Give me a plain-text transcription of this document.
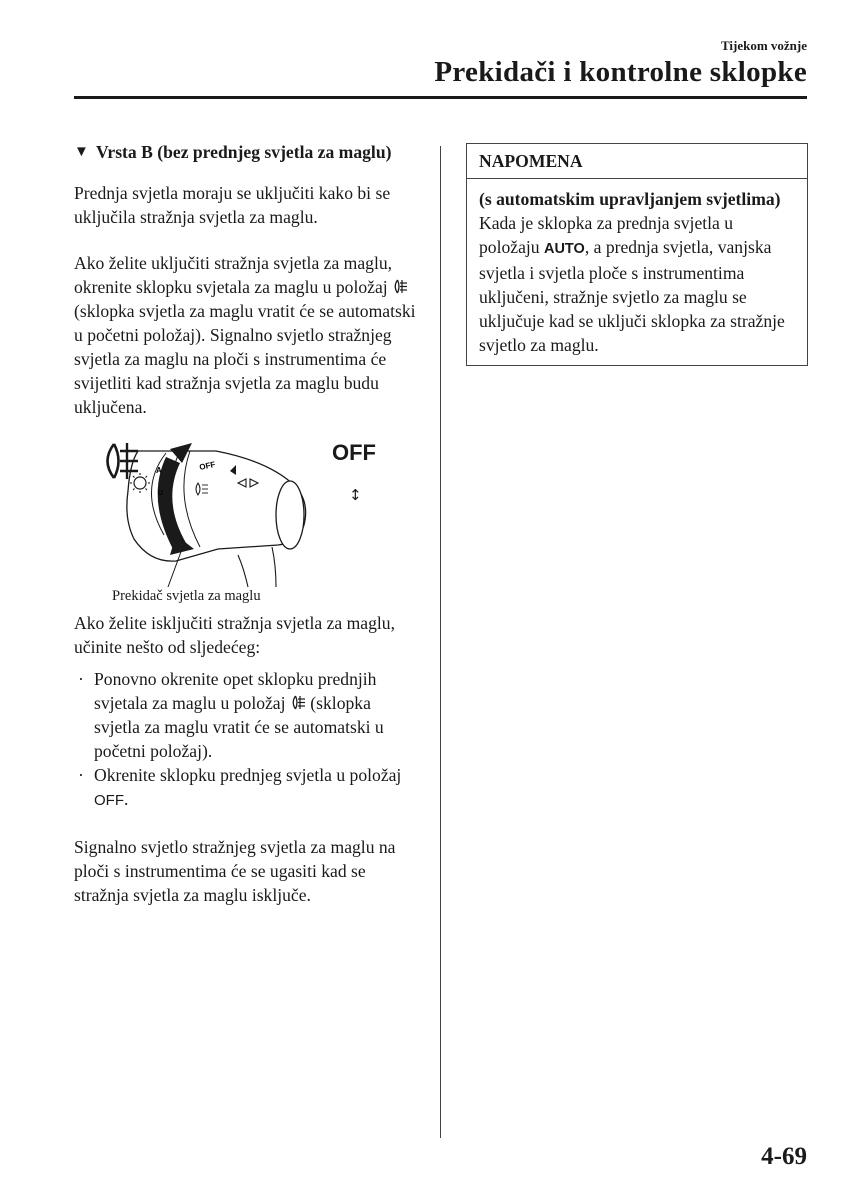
Tijekom vožnje
Prekidači i kontrolne sklopke
▼ Vrsta B (bez prednjeg svjetla za maglu)

Prednja svjetla moraju se uključiti kako bi se uključila stražnja svjetla za maglu.

Ako želite uključiti stražnja svjetla za maglu, okrenite sklopku svjetala za maglu u položaj  (sklopka svjetla za maglu vratit će se automatski u početni položaj). Signalno svjetlo stražnjeg svjetla za maglu na ploči s instrumentima će svijetliti kad stražnja svjetla za maglu budu uključena.

A
U
OFF
OFF
↕
Prekidač svjetla za maglu

Ako želite isključiti stražnja svjetla za maglu, učinite nešto od sljedećeg:

· Ponovno okrenite opet sklopku prednjih svjetala za maglu u položaj  (sklopka svjetla za maglu vratit će se automatski u početni položaj).
· Okrenite sklopku prednjeg svjetla u položaj OFF.

Signalno svjetlo stražnjeg svjetla za maglu na ploči s instrumentima će se ugasiti kad se stražnja svjetla za maglu isključe.

NAPOMENA
(s automatskim upravljanjem svjetlima)
Kada je sklopka za prednja svjetla u položaju AUTO, a prednja svjetla, vanjska svjetla i svjetla ploče s instrumentima uključeni, stražnje svjetlo za maglu se uključuje kad se uključi sklopka za stražnje svjetlo za maglu.
4-69
